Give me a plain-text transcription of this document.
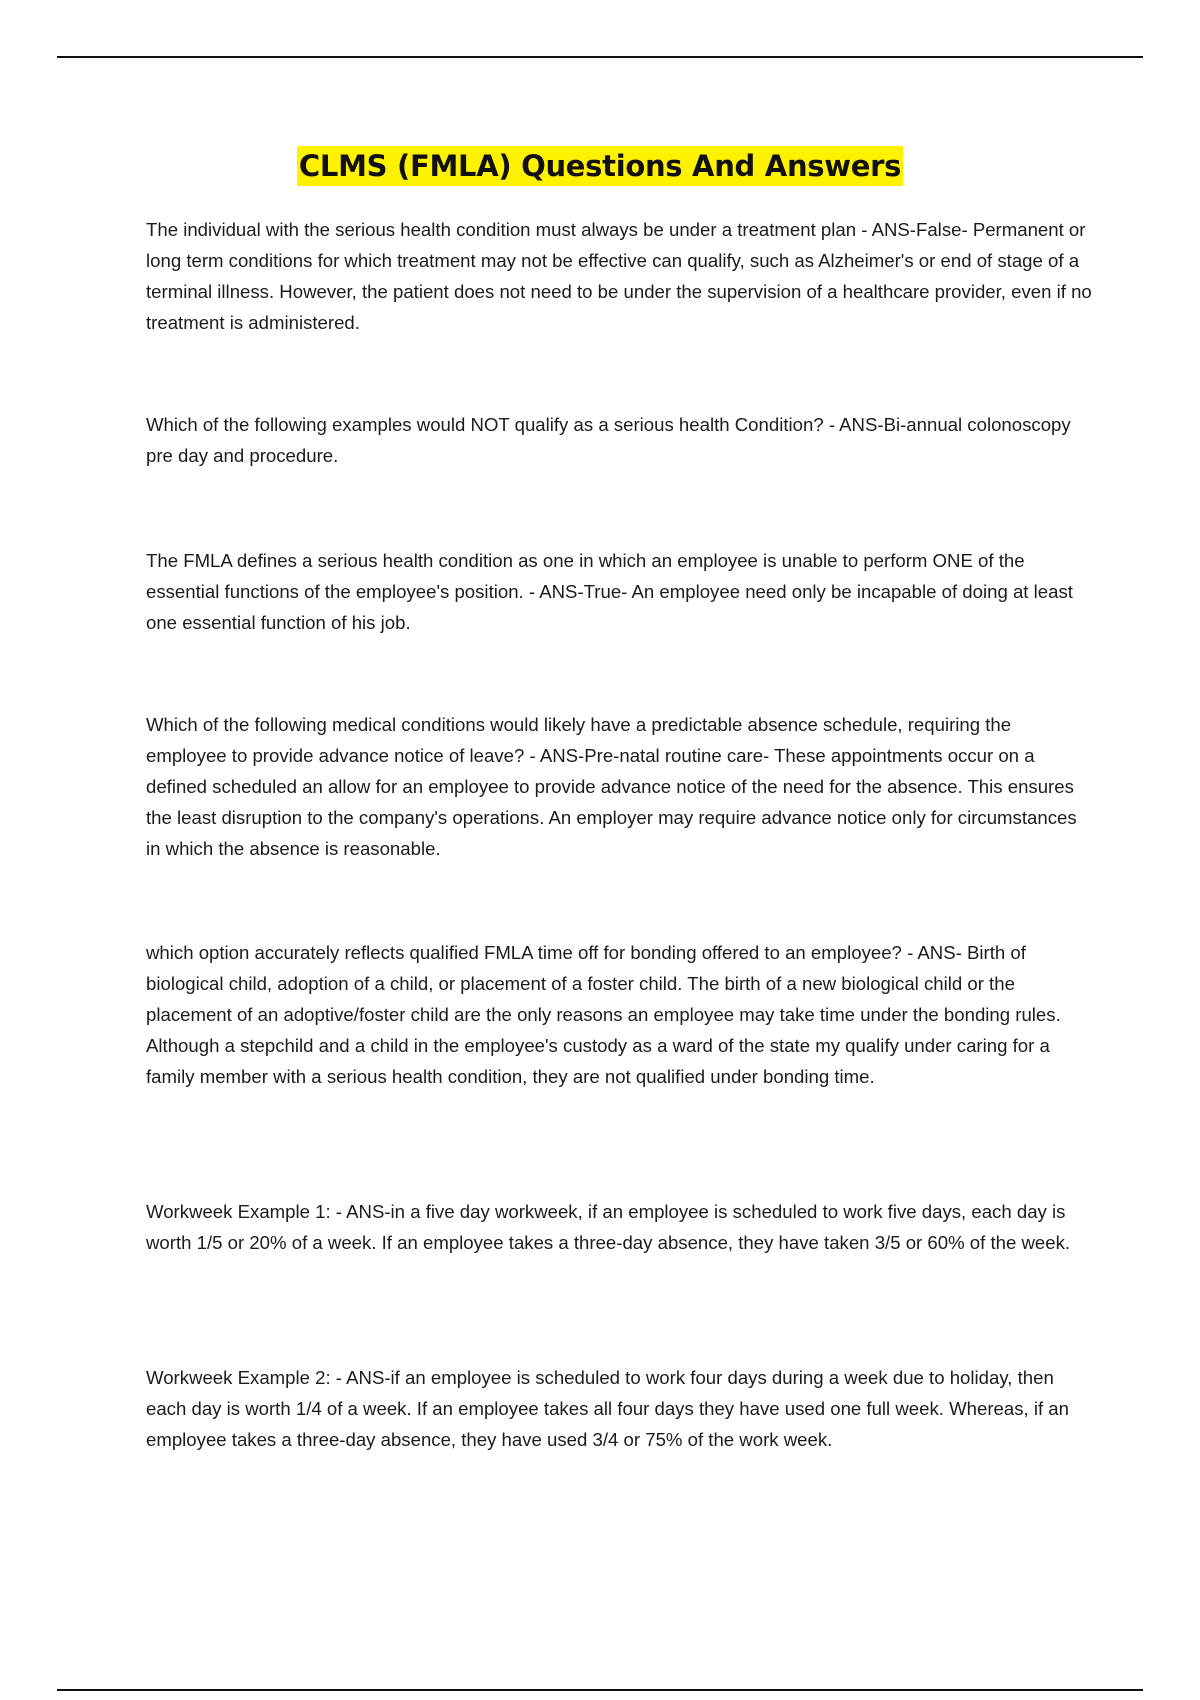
CLMS (FMLA) Questions And Answers

The individual with the serious health condition must always be under a treatment plan - ANS-False- Permanent or long term conditions for which treatment may not be effective can qualify, such as Alzheimer's or end of stage of a terminal illness. However, the patient does not need to be under the supervision of a healthcare provider, even if no treatment is administered.

Which of the following examples would NOT qualify as a serious health Condition? - ANS-Bi-annual colonoscopy pre day and procedure.

The FMLA defines a serious health condition as one in which an employee is unable to perform ONE of the essential functions of the employee's position. - ANS-True- An employee need only be incapable of doing at least one essential function of his job.

Which of the following medical conditions would likely have a predictable absence schedule, requiring the employee to provide advance notice of leave? - ANS-Pre-natal routine care- These appointments occur on a defined scheduled an allow for an employee to provide advance notice of the need for the absence. This ensures the least disruption to the company's operations. An employer may require advance notice only for circumstances in which the absence is reasonable.

which option accurately reflects qualified FMLA time off for bonding offered to an employee? - ANS- Birth of biological child, adoption of a child, or placement of a foster child. The birth of a new biological child or the placement of an adoptive/foster child are the only reasons an employee may take time under the bonding rules. Although a stepchild and a child in the employee's custody as a ward of the state my qualify under caring for a family member with a serious health condition, they are not qualified under bonding time.

Workweek Example 1: - ANS-in a five day workweek, if an employee is scheduled to work five days, each day is worth 1/5 or 20% of a week. If an employee takes a three-day absence, they have taken 3/5 or 60% of the week.

Workweek Example 2: - ANS-if an employee is scheduled to work four days during a week due to holiday, then each day is worth 1/4 of a week. If an employee takes all four days they have used one full week. Whereas, if an employee takes a three-day absence, they have used 3/4 or 75% of the work week.
